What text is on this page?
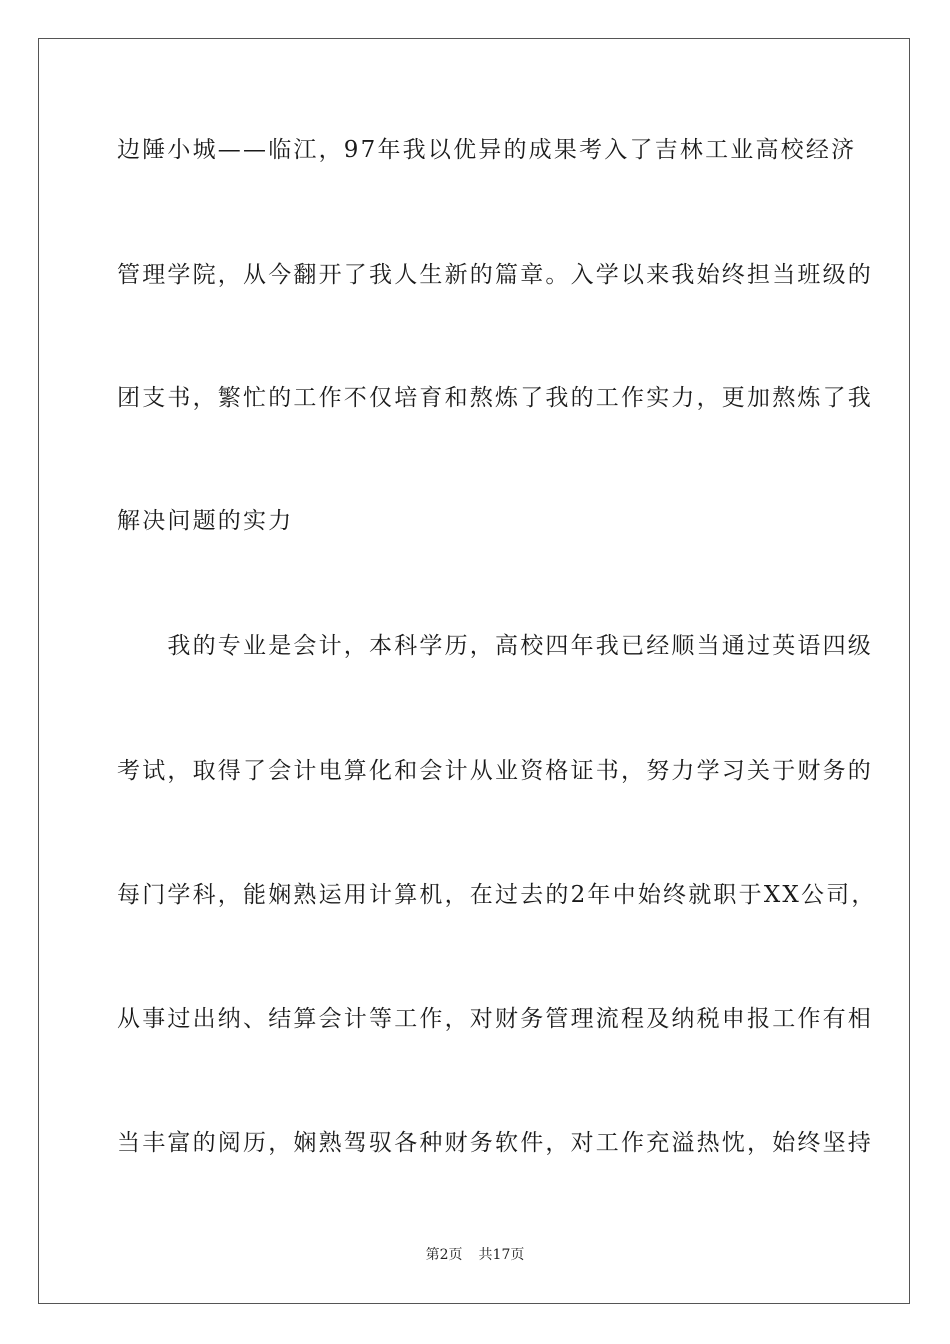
边陲小城——临江，97年我以优异的成果考入了吉林工业高校经济
管理学院，从今翻开了我人生新的篇章。入学以来我始终担当班级的
团支书，繁忙的工作不仅培育和熬炼了我的工作实力，更加熬炼了我
解决问题的实力
　　我的专业是会计，本科学历，高校四年我已经顺当通过英语四级
考试，取得了会计电算化和会计从业资格证书，努力学习关于财务的
每门学科，能娴熟运用计算机，在过去的2年中始终就职于XX公司，
从事过出纳、结算会计等工作，对财务管理流程及纳税申报工作有相
当丰富的阅历，娴熟驾驭各种财务软件，对工作充溢热忱，始终坚持
第2页 共17页
